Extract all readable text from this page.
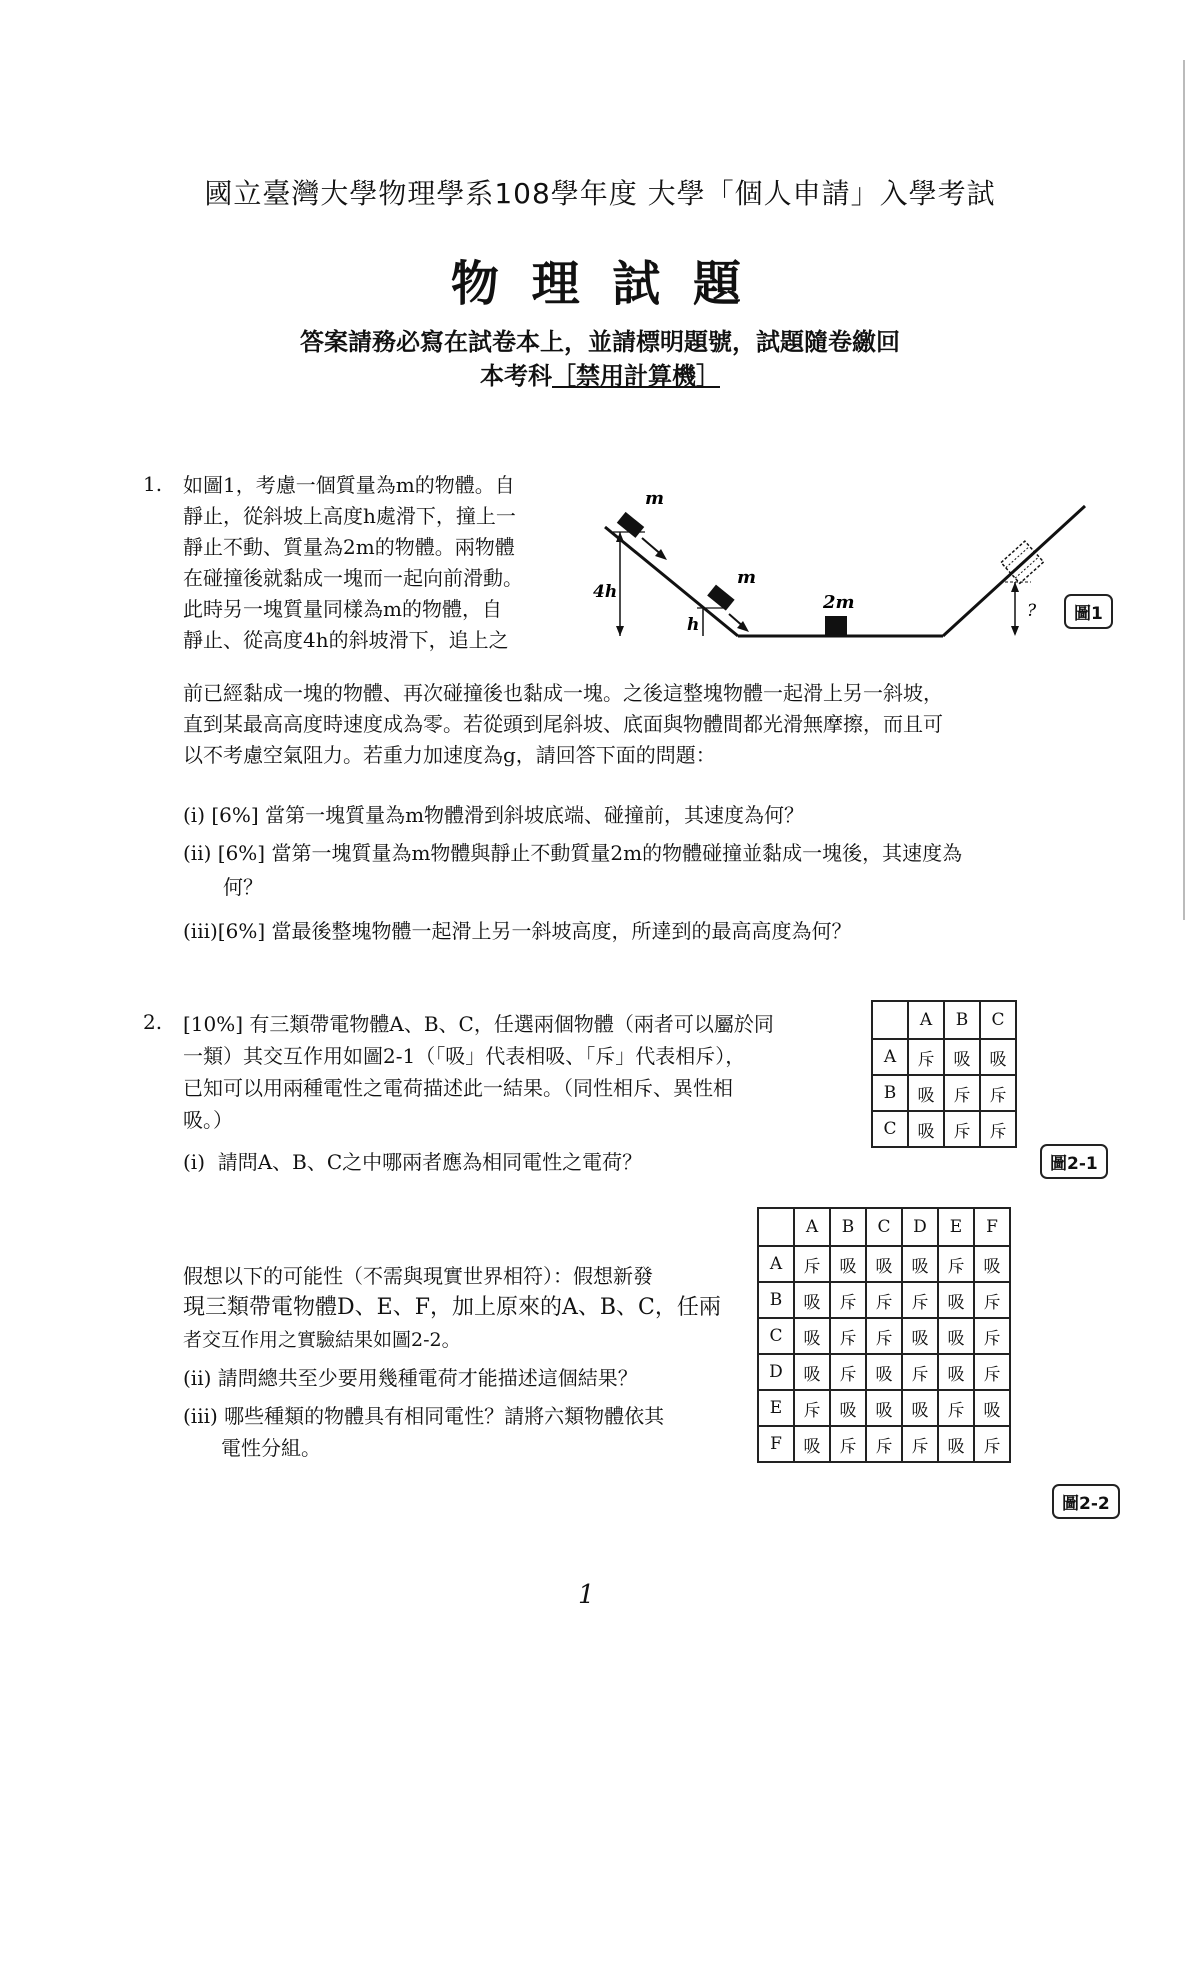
國立臺灣大學物理學系108學年度 大學「個人申請」入學考試
物 理 試 題
答案請務必寫在試卷本上，並請標明題號，試題隨卷繳回
本考科［禁用計算機］
1. 如圖1，考慮一個質量為m的物體。自
靜止，從斜坡上高度h處滑下，撞上一
靜止不動、質量為2m的物體。兩物體
在碰撞後就黏成一塊而一起向前滑動。
此時另一塊質量同樣為m的物體，自
靜止、從高度4h的斜坡滑下，追上之
m
m
2m
4h
h
?	圖1
前已經黏成一塊的物體、再次碰撞後也黏成一塊。之後這整塊物體一起滑上另一斜坡，
直到某最高高度時速度成為零。若從頭到尾斜坡、底面與物體間都光滑無摩擦，而且可
以不考慮空氣阻力。若重力加速度為g，請回答下面的問題：
(i) [6%] 當第一塊質量為m物體滑到斜坡底端、碰撞前，其速度為何？
(ii) [6%] 當第一塊質量為m物體與靜止不動質量2m的物體碰撞並黏成一塊後，其速度為
何？
(iii)[6%] 當最後整塊物體一起滑上另一斜坡高度，所達到的最高高度為何？
2. [10%] 有三類帶電物體A、B、C，任選兩個物體（兩者可以屬於同
一類）其交互作用如圖2-1（「吸」代表相吸、「斥」代表相斥），
已知可以用兩種電性之電荷描述此一結果。（同性相斥、異性相
吸。）
(i) 請問A、B、C之中哪兩者應為相同電性之電荷？
	A	B	C
A	斥	吸	吸
B	吸	斥	斥
C	吸	斥	斥
圖2-1
假想以下的可能性（不需與現實世界相符）：假想新發
現三類帶電物體D、E、F，加上原來的A、B、C，任兩
者交互作用之實驗結果如圖2-2。
(ii) 請問總共至少要用幾種電荷才能描述這個結果？
(iii) 哪些種類的物體具有相同電性？請將六類物體依其
電性分組。
	A	B	C	D	E	F
A	斥	吸	吸	吸	斥	吸
B	吸	斥	斥	斥	吸	斥
C	吸	斥	斥	吸	吸	斥
D	吸	斥	吸	斥	吸	斥
E	斥	吸	吸	吸	斥	吸
F	吸	斥	斥	斥	吸	斥
圖2-2
1
